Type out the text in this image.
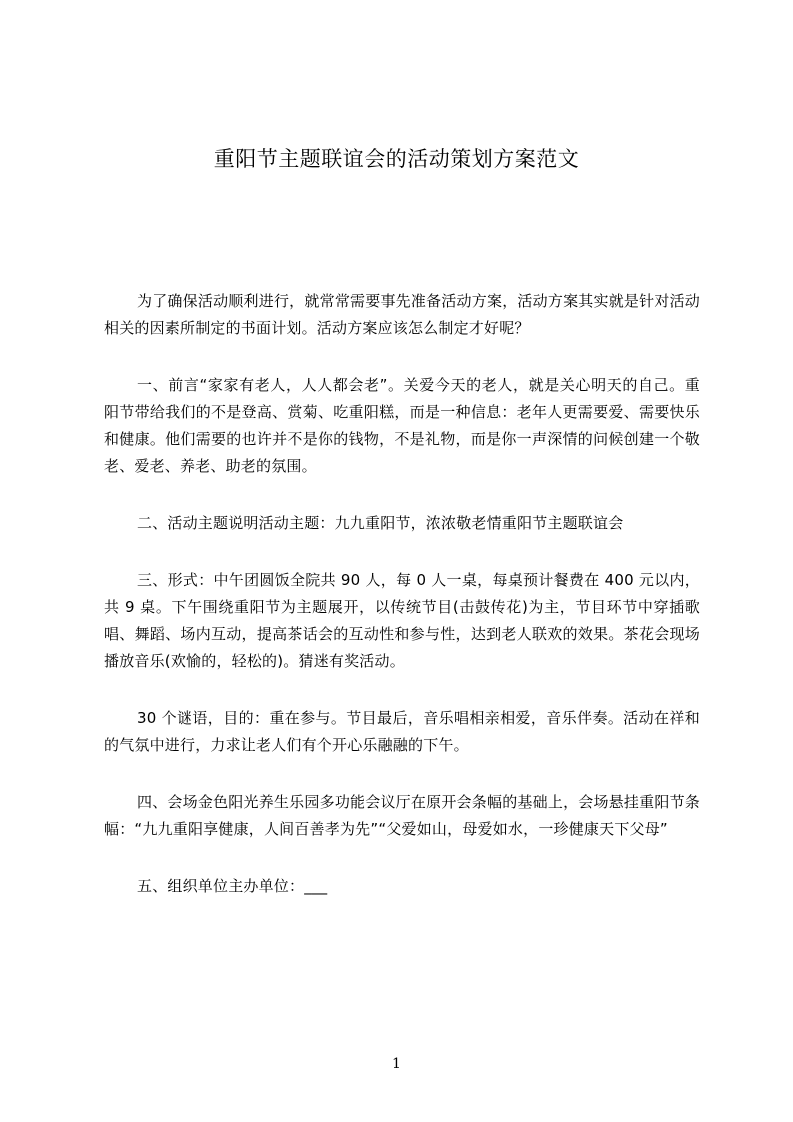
重阳节主题联谊会的活动策划方案范文

为了确保活动顺利进行，就常常需要事先准备活动方案，活动方案其实就是针对活动相关的因素所制定的书面计划。活动方案应该怎么制定才好呢？

一、前言“家家有老人，人人都会老”。关爱今天的老人，就是关心明天的自己。重阳节带给我们的不是登高、赏菊、吃重阳糕，而是一种信息：老年人更需要爱、需要快乐和健康。他们需要的也许并不是你的钱物，不是礼物，而是你一声深情的问候创建一个敬老、爱老、养老、助老的氛围。

二、活动主题说明活动主题：九九重阳节，浓浓敬老情重阳节主题联谊会

三、形式：中午团圆饭全院共 90 人，每 0 人一桌，每桌预计餐费在 400 元以内，共 9 桌。下午围绕重阳节为主题展开，以传统节目(击鼓传花)为主，节目环节中穿插歌唱、舞蹈、场内互动，提高茶话会的互动性和参与性，达到老人联欢的效果。茶花会现场播放音乐(欢愉的，轻松的)。猜迷有奖活动。

30 个谜语，目的：重在参与。节目最后，音乐唱相亲相爱，音乐伴奏。活动在祥和的气氛中进行，力求让老人们有个开心乐融融的下午。

四、会场金色阳光养生乐园多功能会议厅在原开会条幅的基础上，会场悬挂重阳节条幅：“九九重阳享健康，人间百善孝为先”“父爱如山，母爱如水，一珍健康天下父母”

五、组织单位主办单位：___

1
